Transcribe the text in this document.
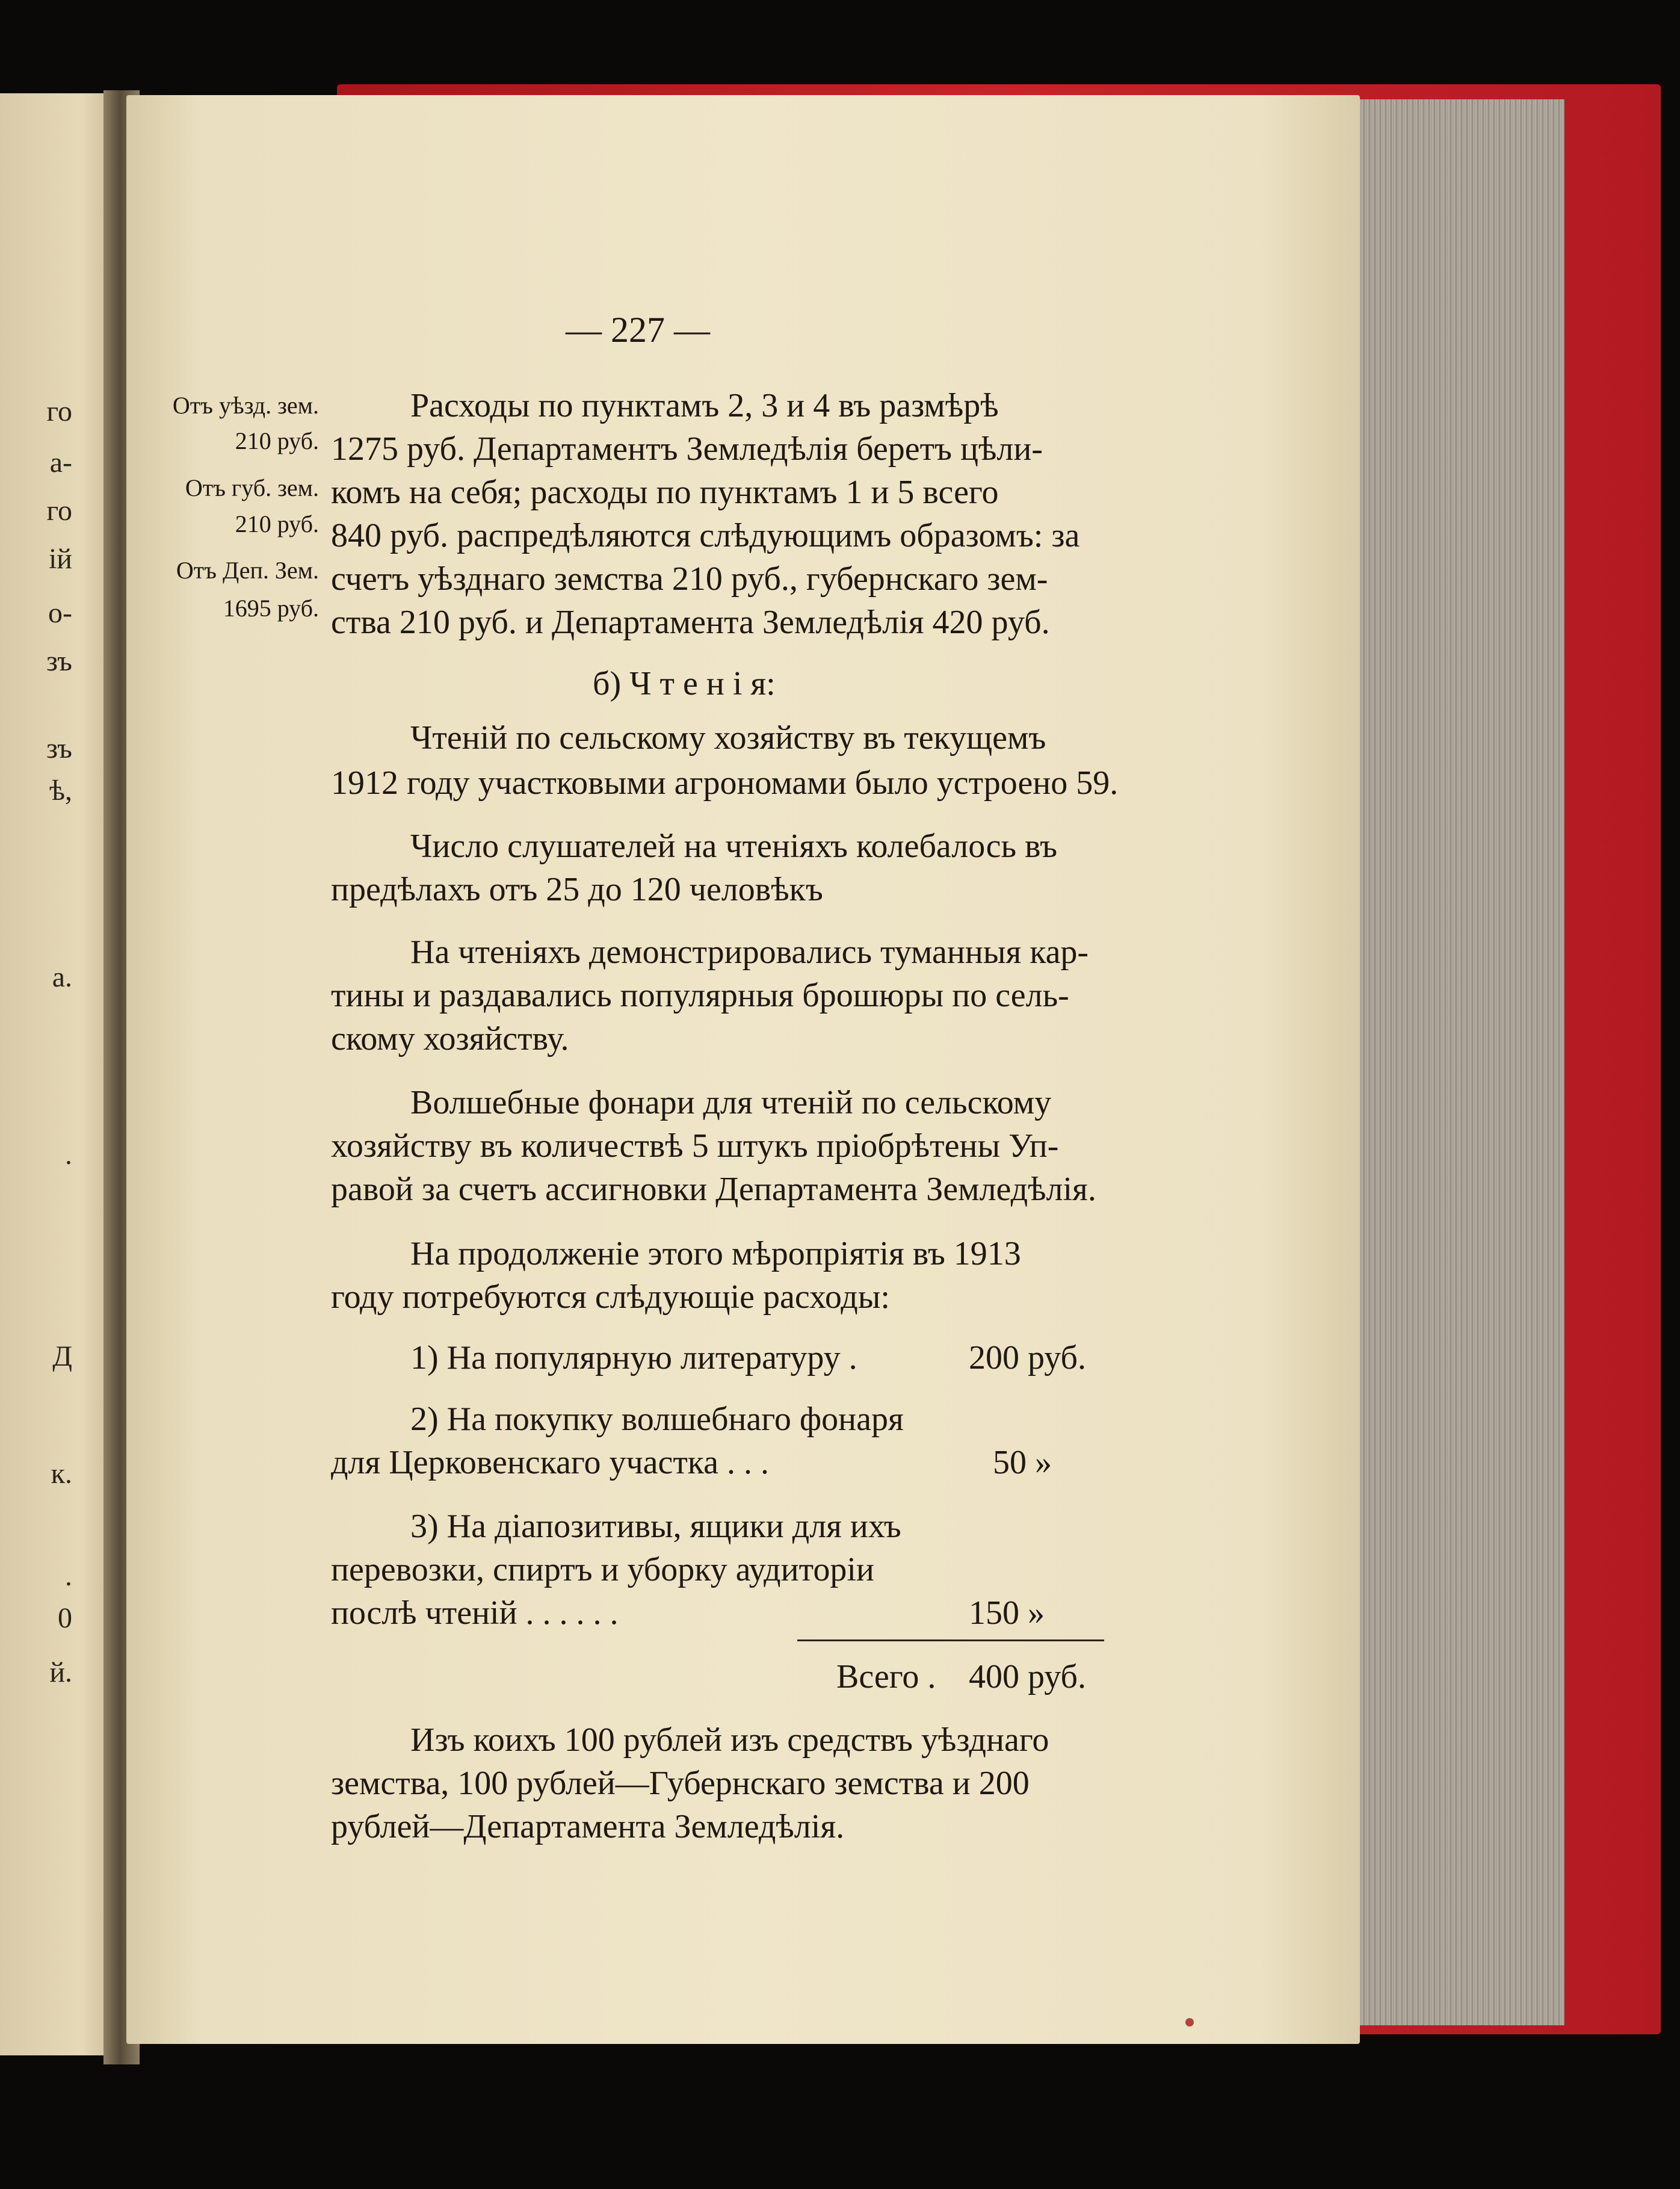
го
а-
го
ій
о-
зъ
зъ
ѣ,
а.
.
Д
к.
.
0
й.
— 227 —
Отъ уѣзд. зем.
210 руб.
Отъ губ. зем.
210 руб.
Отъ Деп. Зем.
1695 руб.
Расходы по пунктамъ 2, 3 и 4 въ размѣрѣ
1275 руб. Департаментъ Земледѣлія беретъ цѣли-
комъ на себя; расходы по пунктамъ 1 и 5 всего
840 руб. распредѣляются слѣдующимъ образомъ: за
счетъ уѣзднаго земства 210 руб., губернскаго зем-
ства 210 руб. и Департамента Земледѣлія 420 руб.
б) Ч т е н і я:
Чтеній по сельскому хозяйству въ текущемъ
1912 году участковыми агрономами было устроено 59.
Число слушателей на чтеніяхъ колебалось въ
предѣлахъ отъ 25 до 120 человѣкъ
На чтеніяхъ демонстрировались туманныя кар-
тины и раздавались популярныя брошюры по сель-
скому хозяйству.
Волшебные фонари для чтеній по сельскому
хозяйству въ количествѣ 5 штукъ пріобрѣтены Уп-
равой за счетъ ассигновки Департамента Земледѣлія.
На продолженіе этого мѣропріятія въ 1913
году потребуются слѣдующіе расходы:
1) На популярную литературу .	200 руб.
2) На покупку волшебнаго фонаря
для Церковенскаго участка . . .	50 »
3) На діапозитивы, ящики для ихъ
перевозки, спиртъ и уборку аудиторіи
послѣ чтеній . . . . . .	150 »
Всего . 400 руб.
Изъ коихъ 100 рублей изъ средствъ уѣзднаго
земства, 100 рублей—Губернскаго земства и 200
рублей—Департамента Земледѣлія.
